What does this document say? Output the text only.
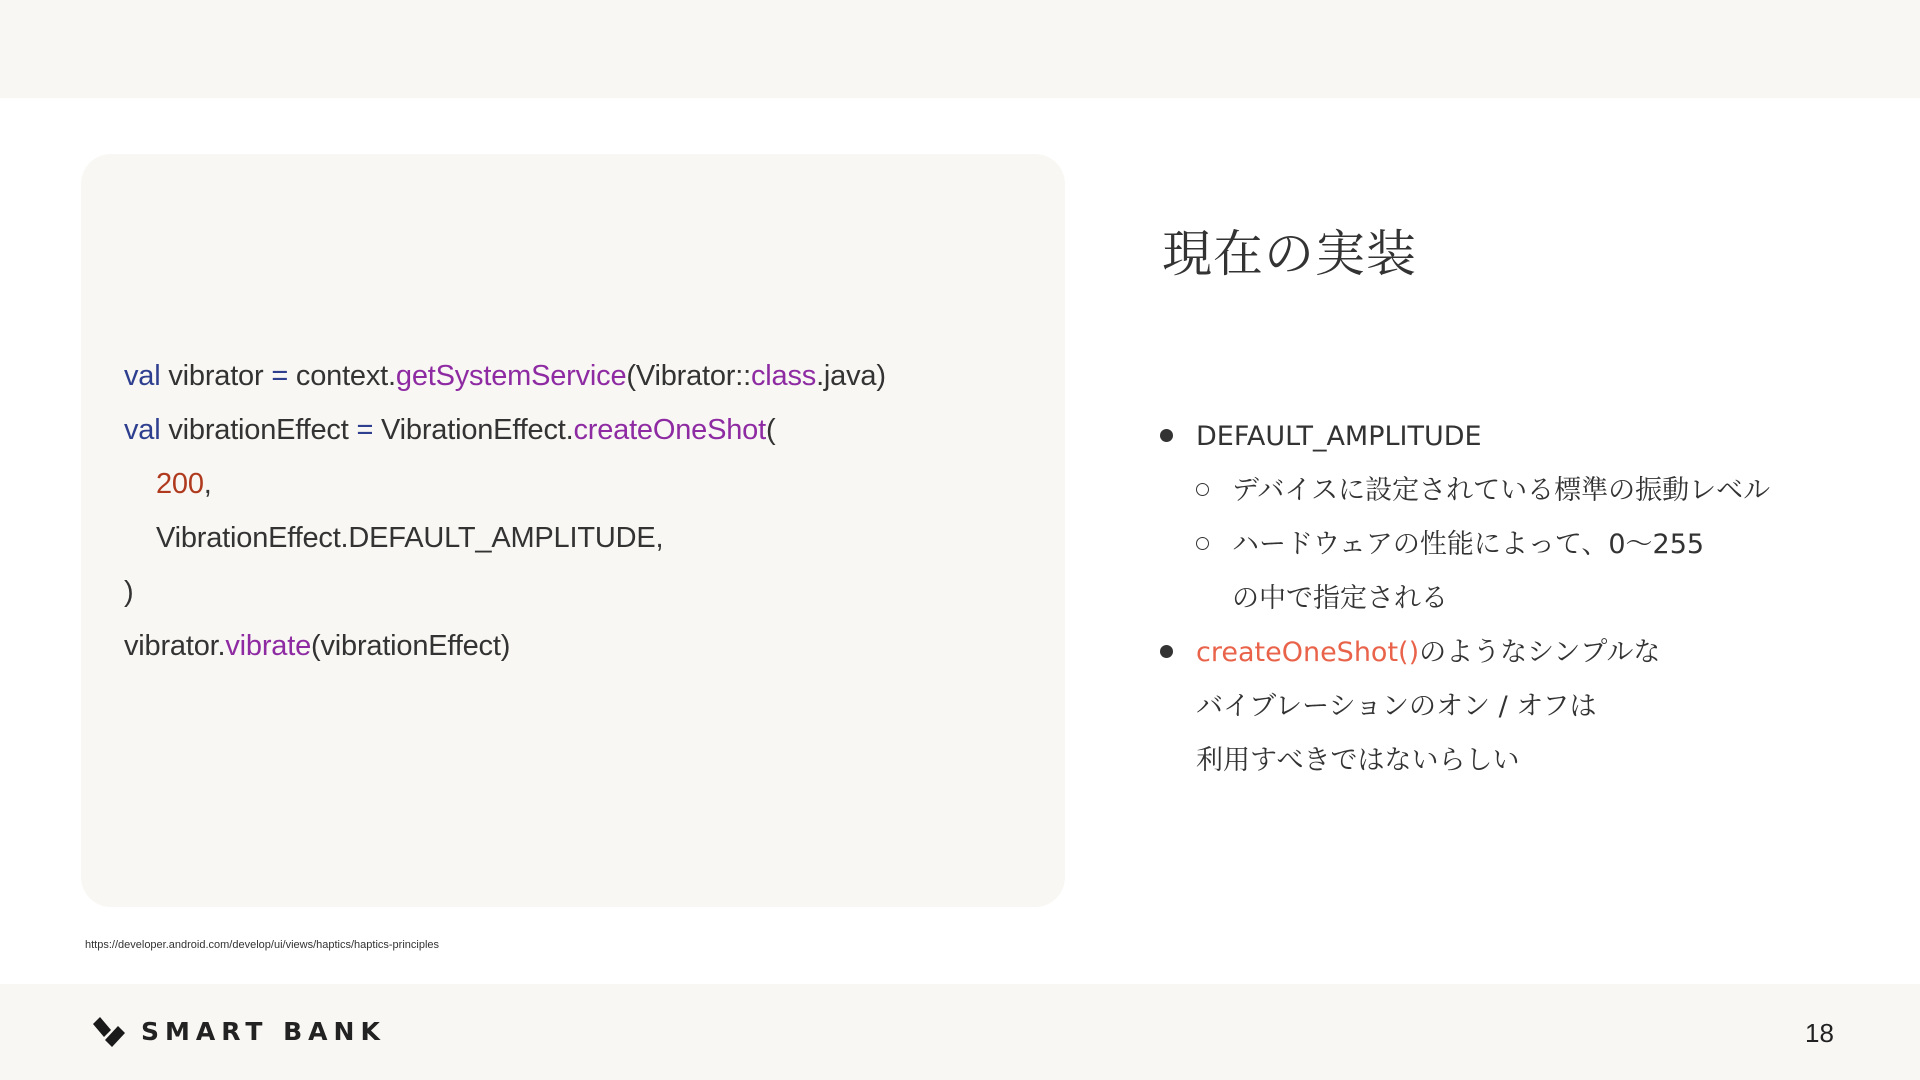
val vibrator = context.getSystemService(Vibrator::class.java)
val vibrationEffect = VibrationEffect.createOneShot(
200,
VibrationEffect.DEFAULT_AMPLITUDE,
)
vibrator.vibrate(vibrationEffect)
現在の実装
DEFAULT_AMPLITUDE
デバイスに設定されている標準の振動レベル
ハードウェアの性能によって、0〜255
の中で指定される
createOneShot()のようなシンプルな
バイブレーションのオン / オフは
利用すべきではないらしい
https://developer.android.com/develop/ui/views/haptics/haptics-principles
SMART BANK	18
